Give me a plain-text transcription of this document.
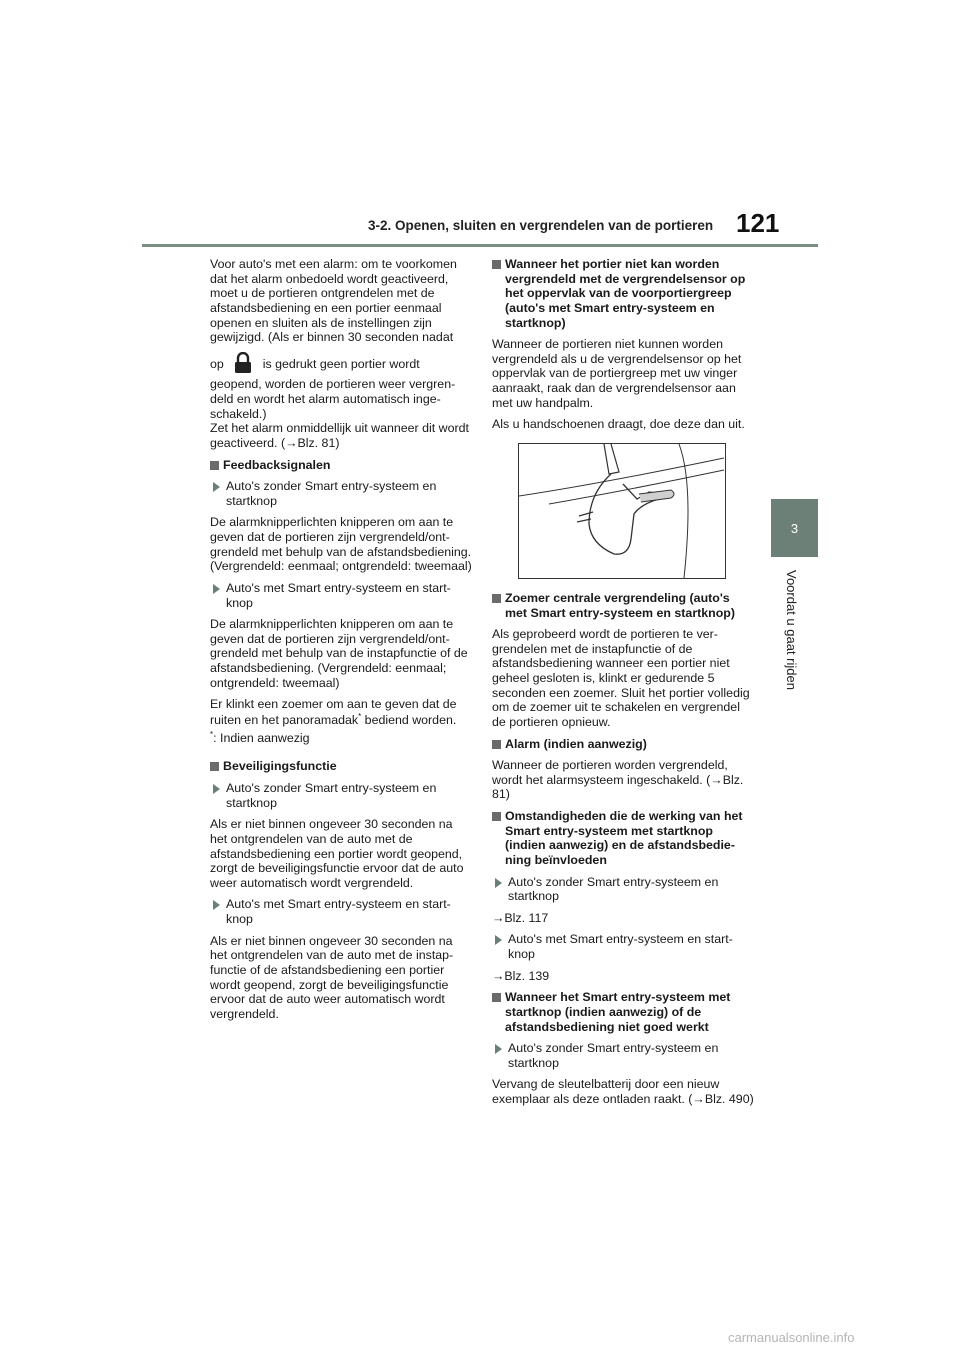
3-2. Openen, sluiten en vergrendelen van de portieren 121
3
Voordat u gaat rijden

Voor auto's met een alarm: om te voorkomen dat het alarm onbedoeld wordt geactiveerd, moet u de portieren ontgrendelen met de afstandsbediening en een portier eenmaal openen en sluiten als de instellingen zijn gewijzigd. (Als er binnen 30 seconden nadat

op	is gedrukt geen portier wordt geopend, worden de portieren weer vergrendeld en wordt het alarm automatisch ingeschakeld.)

Zet het alarm onmiddellijk uit wanneer dit wordt geactiveerd. (→Blz. 81)

Feedbacksignalen
Auto's zonder Smart entry-systeem en startknop

De alarmknipperlichten knipperen om aan te geven dat de portieren zijn vergrendeld/ontgrendeld met behulp van de afstandsbediening. (Vergrendeld: eenmaal; ontgrendeld: tweemaal)

Auto's met Smart entry-systeem en startknop

De alarmknipperlichten knipperen om aan te geven dat de portieren zijn vergrendeld/ontgrendeld met behulp van de instapfunctie of de afstandsbediening. (Vergrendeld: eenmaal; ontgrendeld: tweemaal)

Er klinkt een zoemer om aan te geven dat de ruiten en het panoramadak* bediend worden.

*: Indien aanwezig

Beveiligingsfunctie
Auto's zonder Smart entry-systeem en startknop

Als er niet binnen ongeveer 30 seconden na het ontgrendelen van de auto met de afstandsbediening een portier wordt geopend, zorgt de beveiligingsfunctie ervoor dat de auto weer automatisch wordt vergrendeld.

Auto's met Smart entry-systeem en startknop

Als er niet binnen ongeveer 30 seconden na het ontgrendelen van de auto met de instapfunctie of de afstandsbediening een portier wordt geopend, zorgt de beveiligingsfunctie ervoor dat de auto weer automatisch wordt vergrendeld.

Wanneer het portier niet kan worden vergrendeld met de vergrendelsensor op het oppervlak van de voorportiergreep (auto's met Smart entry-systeem en startknop)

Wanneer de portieren niet kunnen worden vergrendeld als u de vergrendelsensor op het oppervlak van de portiergreep met uw vinger aanraakt, raak dan de vergrendelsensor aan met uw handpalm.

Als u handschoenen draagt, doe deze dan uit.

Zoemer centrale vergrendeling (auto's met Smart entry-systeem en startknop)

Als geprobeerd wordt de portieren te vergrendelen met de instapfunctie of de afstandsbediening wanneer een portier niet geheel gesloten is, klinkt er gedurende 5 seconden een zoemer. Sluit het portier volledig om de zoemer uit te schakelen en vergrendel de portieren opnieuw.

Alarm (indien aanwezig)

Wanneer de portieren worden vergrendeld, wordt het alarmsysteem ingeschakeld. (→Blz. 81)

Omstandigheden die de werking van het Smart entry-systeem met startknop (indien aanwezig) en de afstandsbediening beïnvloeden
Auto's zonder Smart entry-systeem en startknop

→Blz. 117

Auto's met Smart entry-systeem en startknop

→Blz. 139

Wanneer het Smart entry-systeem met startknop (indien aanwezig) of de afstandsbediening niet goed werkt
Auto's zonder Smart entry-systeem en startknop

Vervang de sleutelbatterij door een nieuw exemplaar als deze ontladen raakt. (→Blz. 490)

carmanualsonline.info
